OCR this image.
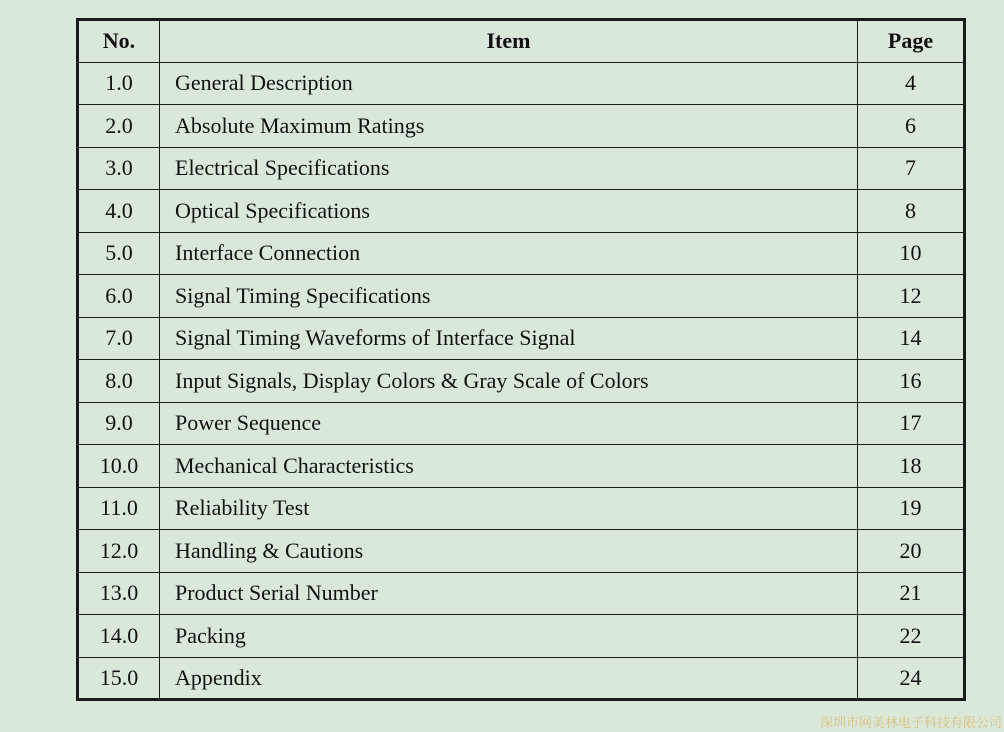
No.	Item	Page
1.0	General Description	4
2.0	Absolute Maximum Ratings	6
3.0	Electrical Specifications	7
4.0	Optical Specifications	8
5.0	Interface Connection	10
6.0	Signal Timing Specifications	12
7.0	Signal Timing Waveforms of Interface Signal	14
8.0	Input Signals, Display Colors & Gray Scale of Colors	16
9.0	Power Sequence	17
10.0	Mechanical Characteristics	18
11.0	Reliability Test	19
12.0	Handling & Cautions	20
13.0	Product Serial Number	21
14.0	Packing	22
15.0	Appendix	24
深圳市网美林电子科技有限公司
